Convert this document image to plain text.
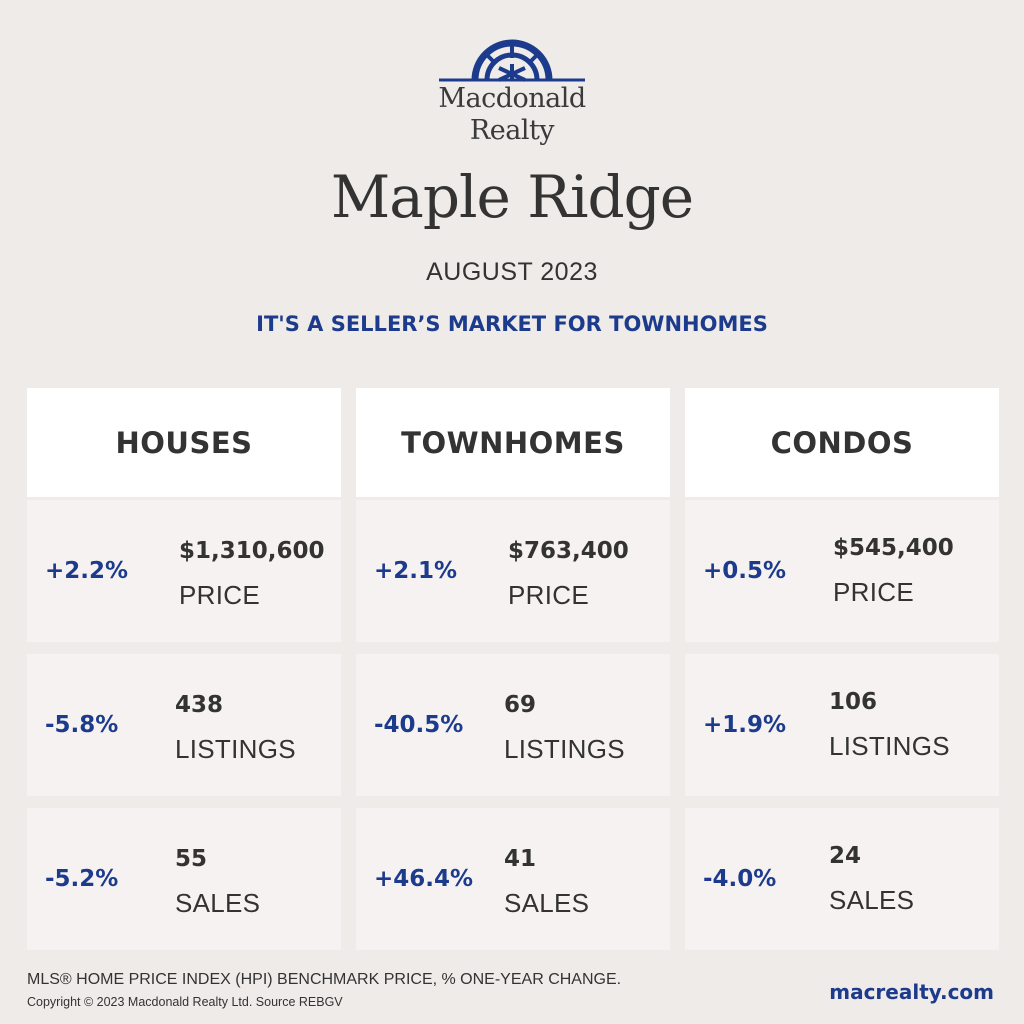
Macdonald
Realty
Maple Ridge
AUGUST 2023
IT'S A SELLER’S MARKET FOR TOWNHOMES
HOUSES
+2.2%
$1,310,600
PRICE
-5.8%
438
LISTINGS
-5.2%
55
SALES
TOWNHOMES
+2.1%
$763,400
PRICE
-40.5%
69
LISTINGS
+46.4%
41
SALES
CONDOS
+0.5%
$545,400
PRICE
+1.9%
106
LISTINGS
-4.0%
24
SALES
MLS® HOME PRICE INDEX (HPI) BENCHMARK PRICE, % ONE-YEAR CHANGE.
Copyright © 2023 Macdonald Realty Ltd. Source REBGV	macrealty.com
